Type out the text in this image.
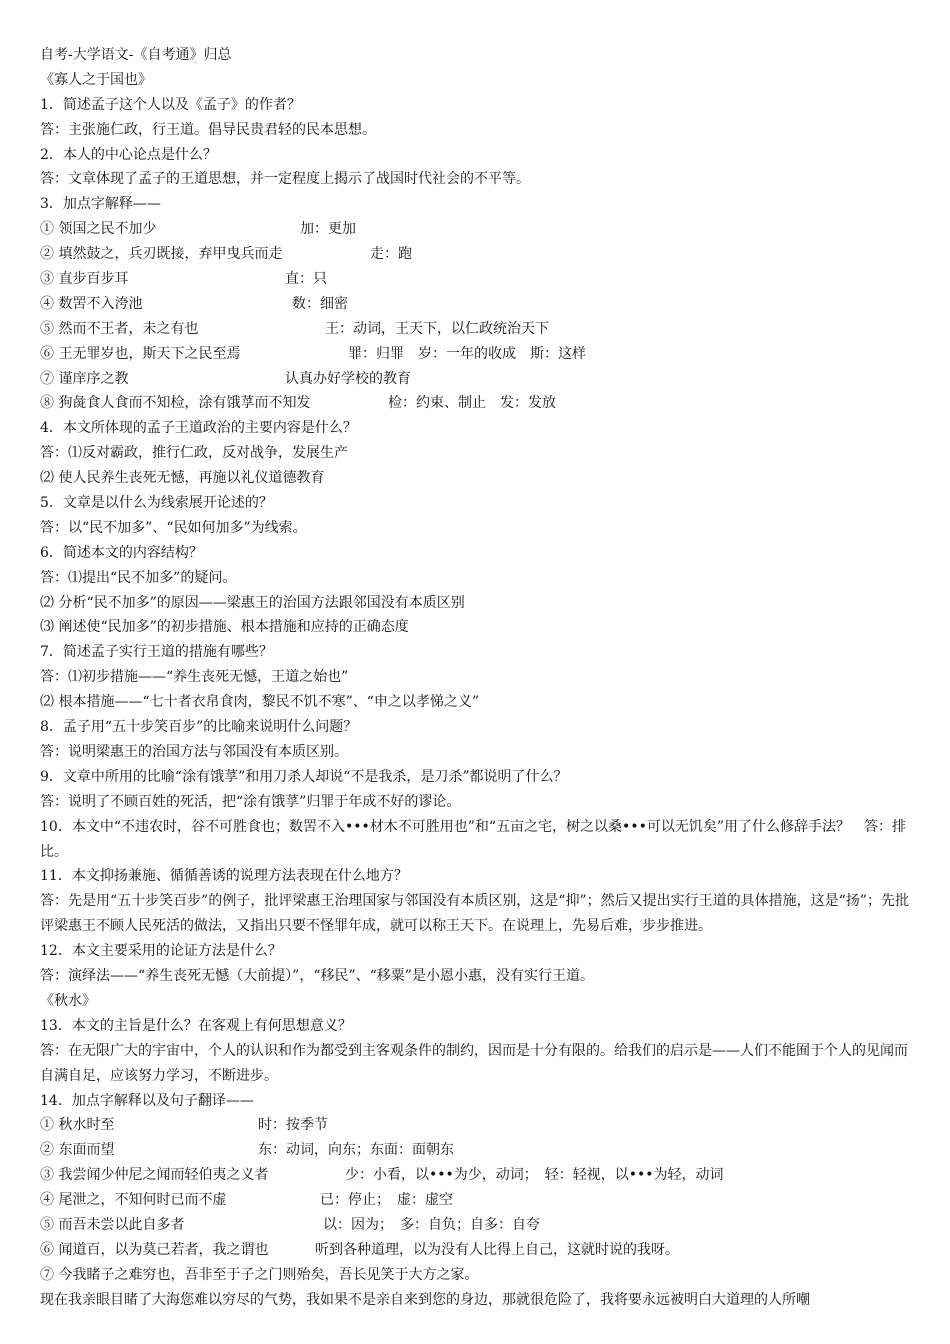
自考-大学语文-《自考通》归总
《寡人之于国也》
1．简述孟子这个人以及《孟子》的作者？
答：主张施仁政，行王道。倡导民贵君轻的民本思想。
2．本人的中心论点是什么？
答：文章体现了孟子的王道思想，并一定程度上揭示了战国时代社会的不平等。
3．加点字解释——
① 领国之民不加少	加：更加
② 填然鼓之，兵刃既接，弃甲曳兵而走	走：跑
③ 直步百步耳	直：只
④ 数罟不入洿池	数：细密
⑤ 然而不王者，未之有也	王：动词，王天下，以仁政统治天下
⑥ 王无罪岁也，斯天下之民至焉	罪：归罪　岁：一年的收成　斯：这样
⑦ 谨庠序之教	认真办好学校的教育
⑧ 狗彘食人食而不知检，涂有饿莩而不知发	检：约束、制止　发：发放
4．本文所体现的孟子王道政治的主要内容是什么？
答：⑴反对霸政，推行仁政，反对战争，发展生产
⑵ 使人民养生丧死无憾，再施以礼仪道德教育
5．文章是以什么为线索展开论述的？
答：以“民不加多”、“民如何加多”为线索。
6．简述本文的内容结构？
答：⑴提出“民不加多”的疑问。
⑵ 分析“民不加多”的原因——梁惠王的治国方法跟邻国没有本质区别
⑶ 阐述使“民加多”的初步措施、根本措施和应持的正确态度
7．简述孟子实行王道的措施有哪些？
答：⑴初步措施——“养生丧死无憾，王道之始也”
⑵ 根本措施——“七十者衣帛食肉，黎民不饥不寒”、“申之以孝悌之义”
8．孟子用“五十步笑百步”的比喻来说明什么问题？
答：说明梁惠王的治国方法与邻国没有本质区别。
9．文章中所用的比喻“涂有饿莩”和用刀杀人却说“不是我杀，是刀杀”都说明了什么？
答：说明了不顾百姓的死活，把“涂有饿莩”归罪于年成不好的谬论。
10．本文中“不违农时，谷不可胜食也；数罟不入•••材木不可胜用也”和“五亩之宅，树之以桑•••可以无饥矣”用了什么修辞手法？　答：排比。
11．本文抑扬兼施、循循善诱的说理方法表现在什么地方？
答：先是用“五十步笑百步”的例子，批评梁惠王治理国家与邻国没有本质区别，这是“抑”；然后又提出实行王道的具体措施，这是“扬”；先批评梁惠王不顾人民死活的做法，又指出只要不怪罪年成，就可以称王天下。在说理上，先易后难，步步推进。
12．本文主要采用的论证方法是什么？
答：演绎法——“养生丧死无憾（大前提）”，“移民”、“移粟”是小恩小惠，没有实行王道。
《秋水》
13．本文的主旨是什么？在客观上有何思想意义？
答：在无限广大的宇宙中，个人的认识和作为都受到主客观条件的制约，因而是十分有限的。给我们的启示是——人们不能囿于个人的见闻而自满自足，应该努力学习，不断进步。
14．加点字解释以及句子翻译——
① 秋水时至	时：按季节
② 东面而望	东：动词，向东；东面：面朝东
③ 我尝闻少仲尼之闻而轻伯夷之义者	少：小看，以•••为少，动词；　轻：轻视，以•••为轻，动词
④ 尾泄之，不知何时已而不虚	已：停止；　虚：虚空
⑤ 而吾未尝以此自多者	以：因为；　多：自负；自多：自夸
⑥ 闻道百，以为莫己若者，我之谓也	听到各种道理，以为没有人比得上自己，这就时说的我呀。
⑦ 今我睹子之难穷也，吾非至于子之门则殆矣，吾长见笑于大方之家。
现在我亲眼目睹了大海您难以穷尽的气势，我如果不是亲自来到您的身边，那就很危险了，我将要永远被明白大道理的人所嘲
